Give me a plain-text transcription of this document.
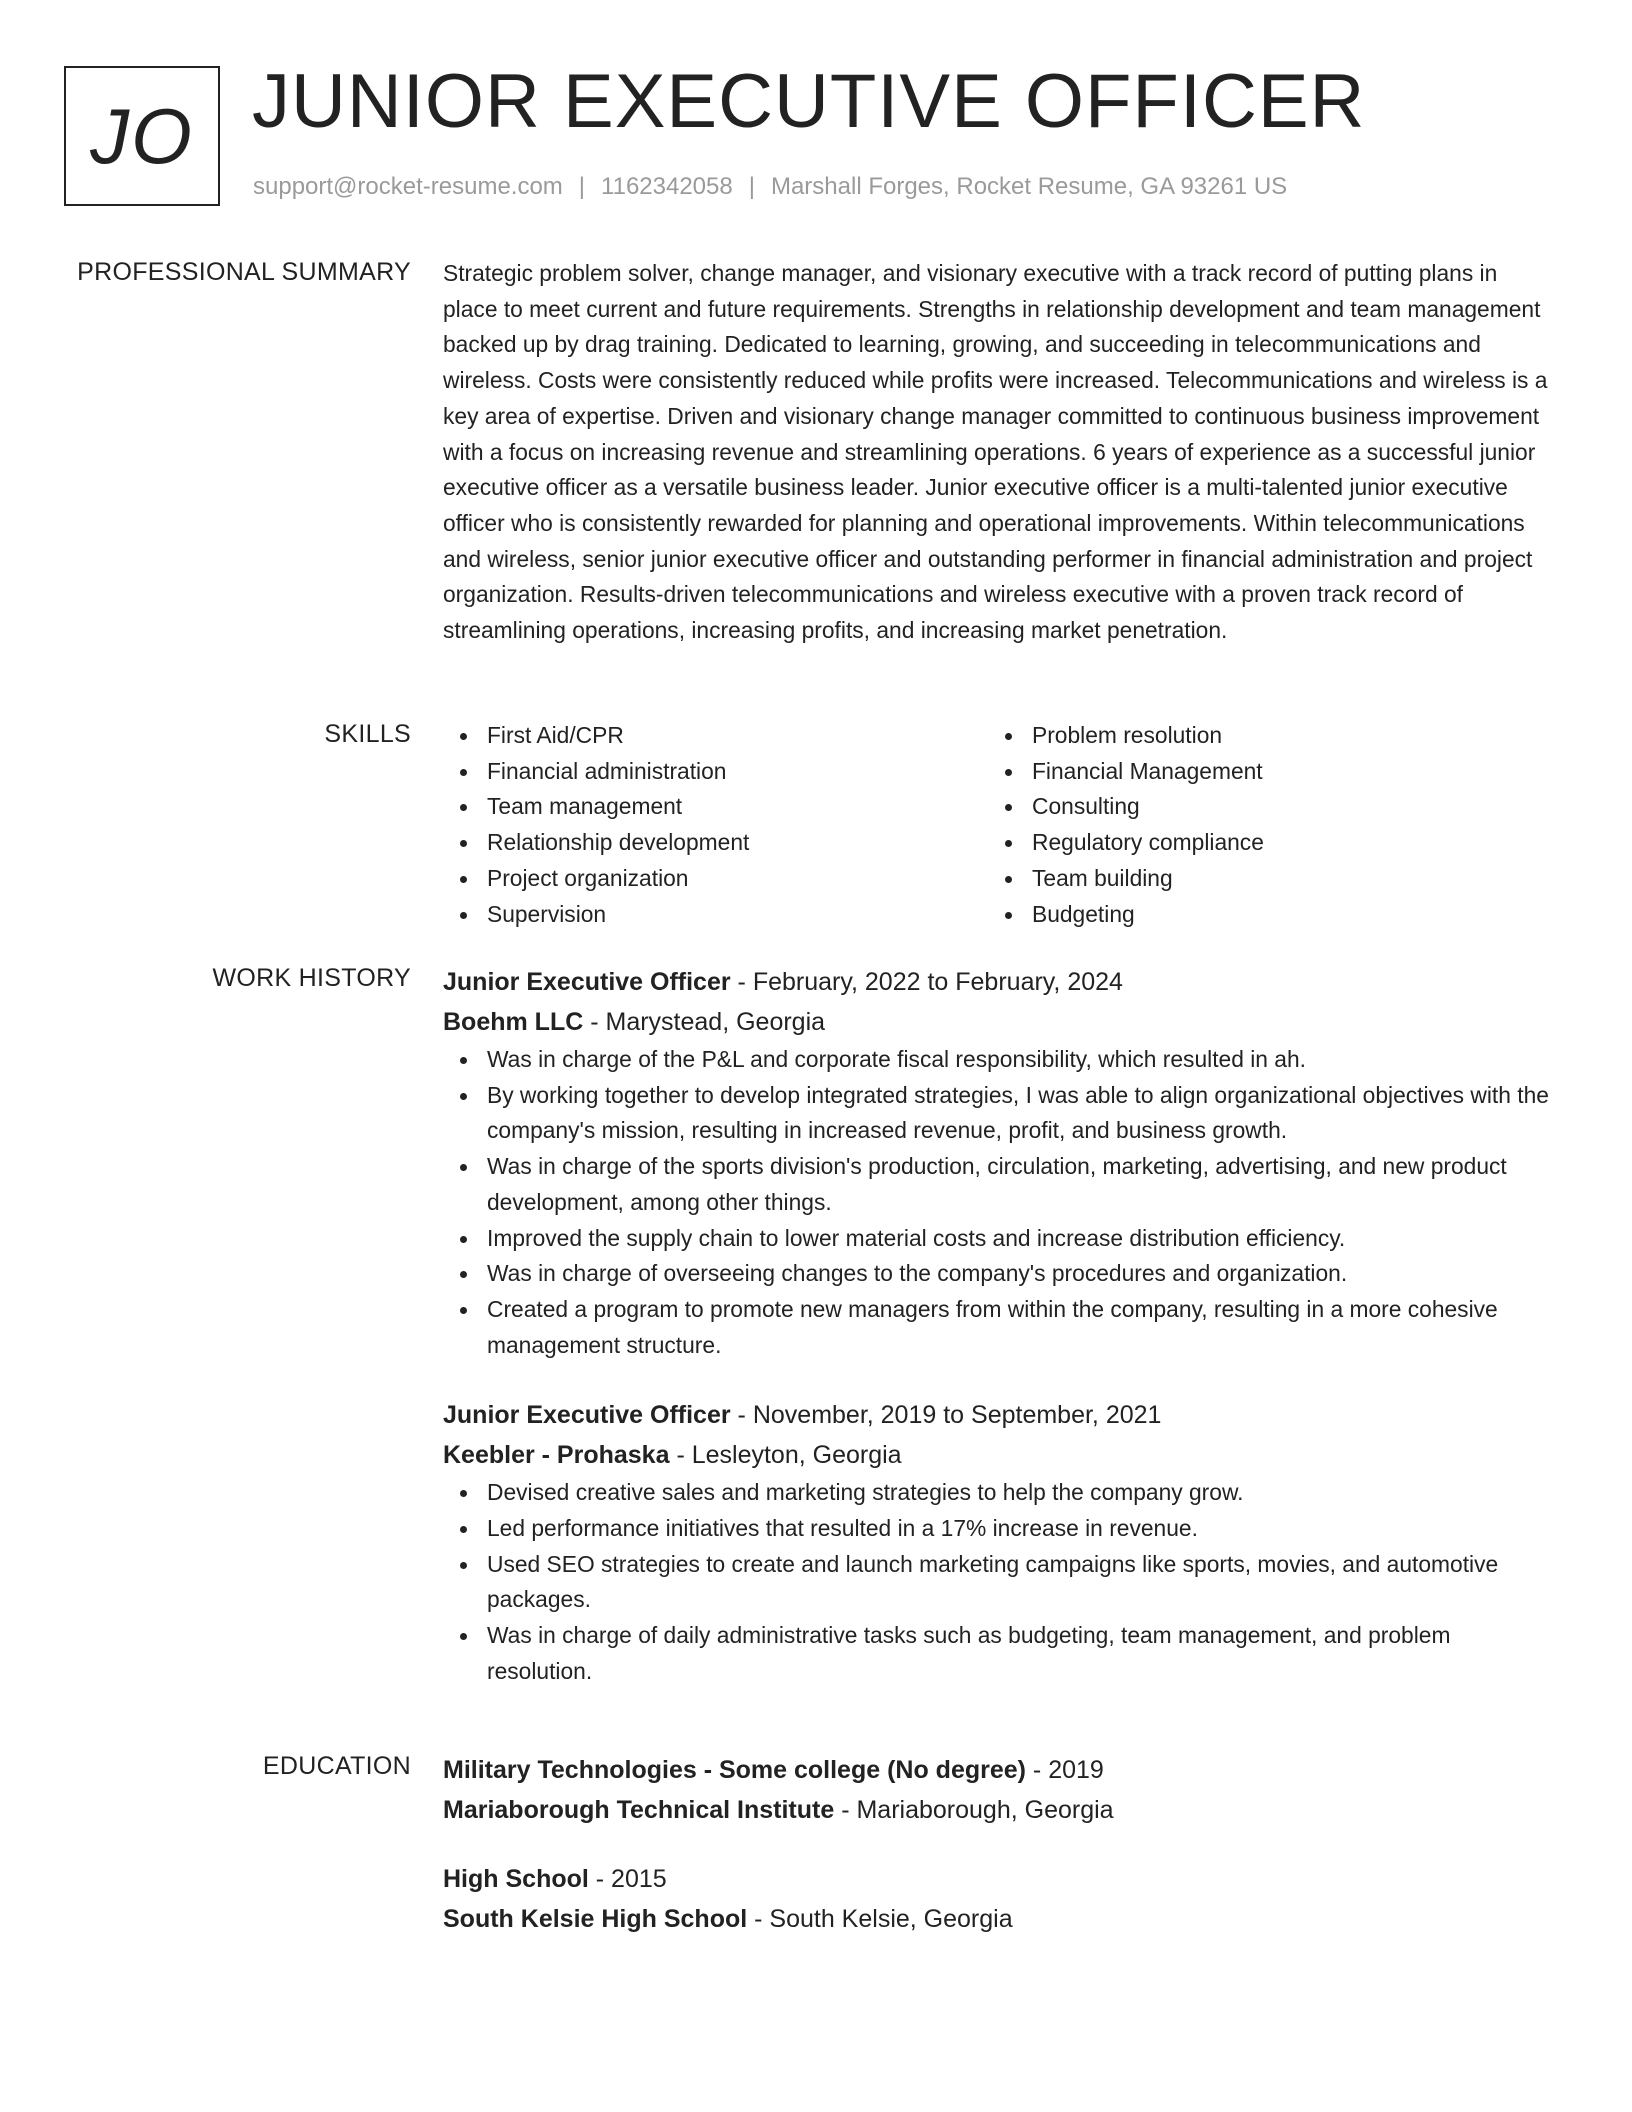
JO JUNIOR EXECUTIVE OFFICER
support@rocket-resume.com | 1162342058 | Marshall Forges, Rocket Resume, GA 93261 US
PROFESSIONAL SUMMARY Strategic problem solver, change manager, and visionary executive with a track record of putting plans in place to meet current and future requirements. Strengths in relationship development and team management backed up by drag training. Dedicated to learning, growing, and succeeding in telecommunications and wireless. Costs were consistently reduced while profits were increased. Telecommunications and wireless is a key area of expertise. Driven and visionary change manager committed to continuous business improvement with a focus on increasing revenue and streamlining operations. 6 years of experience as a successful junior executive officer as a versatile business leader. Junior executive officer is a multi-talented junior executive officer who is consistently rewarded for planning and operational improvements. Within telecommunications and wireless, senior junior executive officer and outstanding performer in financial administration and project organization. Results-driven telecommunications and wireless executive with a proven track record of streamlining operations, increasing profits, and increasing market penetration.

SKILLS	First Aid/CPR
Financial administration
Team management
Relationship development
Project organization
Supervision
Problem resolution
Financial Management
Consulting
Regulatory compliance
Team building
Budgeting
WORK HISTORY Junior Executive Officer - February, 2022 to February, 2024
Boehm LLC - Marystead, Georgia
Was in charge of the P&L and corporate fiscal responsibility, which resulted in ah.
By working together to develop integrated strategies, I was able to align organizational objectives with the company's mission, resulting in increased revenue, profit, and business growth.
Was in charge of the sports division's production, circulation, marketing, advertising, and new product development, among other things.
Improved the supply chain to lower material costs and increase distribution efficiency.
Was in charge of overseeing changes to the company's procedures and organization.
Created a program to promote new managers from within the company, resulting in a more cohesive management structure.
Junior Executive Officer - November, 2019 to September, 2021
Keebler - Prohaska - Lesleyton, Georgia
Devised creative sales and marketing strategies to help the company grow.
Led performance initiatives that resulted in a 17% increase in revenue.
Used SEO strategies to create and launch marketing campaigns like sports, movies, and automotive packages.
Was in charge of daily administrative tasks such as budgeting, team management, and problem resolution.
EDUCATION Military Technologies - Some college (No degree) - 2019
Mariaborough Technical Institute - Mariaborough, Georgia
High School - 2015
South Kelsie High School - South Kelsie, Georgia
